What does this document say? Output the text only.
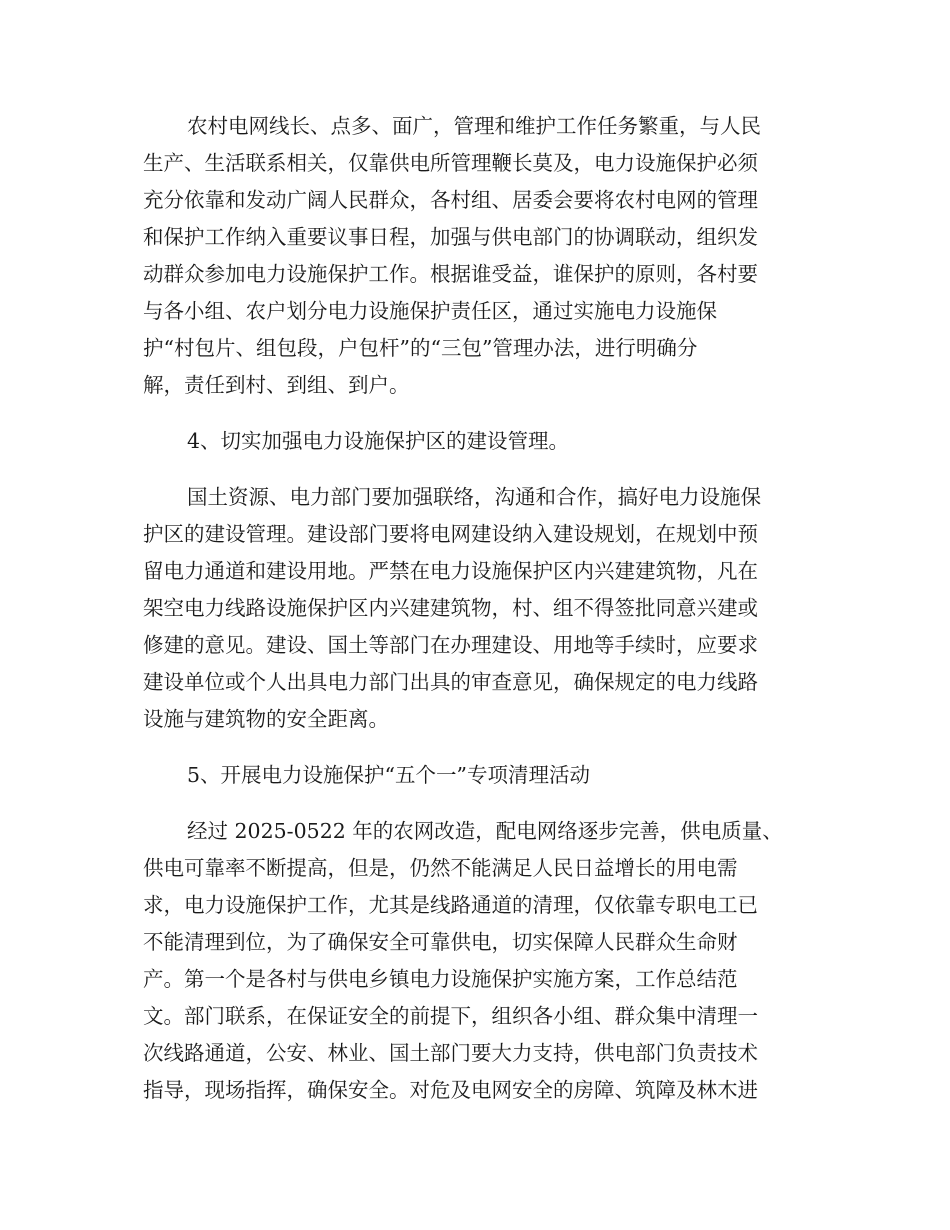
农村电网线长、点多、面广，管理和维护工作任务繁重，与人民
生产、生活联系相关，仅靠供电所管理鞭长莫及，电力设施保护必须
充分依靠和发动广阔人民群众，各村组、居委会要将农村电网的管理
和保护工作纳入重要议事日程，加强与供电部门的协调联动，组织发
动群众参加电力设施保护工作。根据谁受益，谁保护的原则，各村要
与各小组、农户划分电力设施保护责任区，通过实施电力设施保
护“村包片、组包段，户包杆”的“三包”管理办法，进行明确分
解，责任到村、到组、到户。
4、切实加强电力设施保护区的建设管理。
国土资源、电力部门要加强联络，沟通和合作，搞好电力设施保
护区的建设管理。建设部门要将电网建设纳入建设规划，在规划中预
留电力通道和建设用地。严禁在电力设施保护区内兴建建筑物，凡在
架空电力线路设施保护区内兴建建筑物，村、组不得签批同意兴建或
修建的意见。建设、国土等部门在办理建设、用地等手续时，应要求
建设单位或个人出具电力部门出具的审查意见，确保规定的电力线路
设施与建筑物的安全距离。
5、开展电力设施保护“五个一”专项清理活动
经过 2025-0522 年的农网改造，配电网络逐步完善，供电质量、
供电可靠率不断提高，但是，仍然不能满足人民日益增长的用电需
求，电力设施保护工作，尤其是线路通道的清理，仅依靠专职电工已
不能清理到位，为了确保安全可靠供电，切实保障人民群众生命财
产。第一个是各村与供电乡镇电力设施保护实施方案，工作总结范
文。部门联系，在保证安全的前提下，组织各小组、群众集中清理一
次线路通道，公安、林业、国土部门要大力支持，供电部门负责技术
指导，现场指挥，确保安全。对危及电网安全的房障、筑障及林木进
